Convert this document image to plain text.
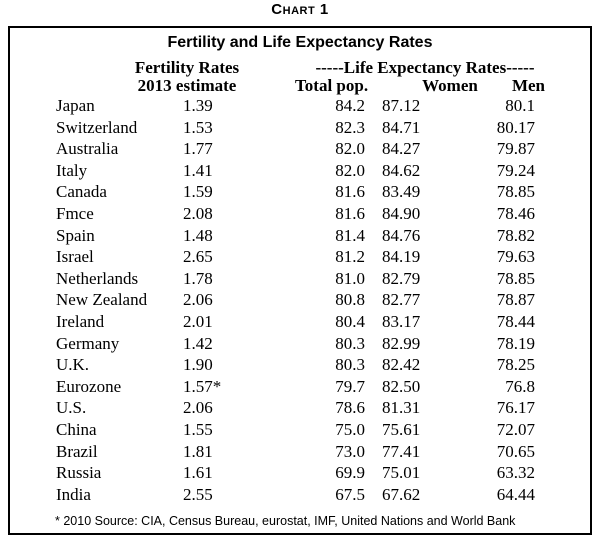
Chart 1
Fertility and Life Expectancy Rates
Fertility Rates
2013 estimate
-----Life Expectancy Rates-----
Total pop.	Women	Men
Japan	1.39	84.2	87.12	80.1
Switzerland	1.53	82.3	84.71	80.17
Australia	1.77	82.0	84.27	79.87
Italy	1.41	82.0	84.62	79.24
Canada	1.59	81.6	83.49	78.85
Fmce	2.08	81.6	84.90	78.46
Spain	1.48	81.4	84.76	78.82
Israel	2.65	81.2	84.19	79.63
Netherlands	1.78	81.0	82.79	78.85
New Zealand	2.06	80.8	82.77	78.87
Ireland	2.01	80.4	83.17	78.44
Germany	1.42	80.3	82.99	78.19
U.K.	1.90	80.3	82.42	78.25
Eurozone	1.57*	79.7	82.50	76.8
U.S.	2.06	78.6	81.31	76.17
China	1.55	75.0	75.61	72.07
Brazil	1.81	73.0	77.41	70.65
Russia	1.61	69.9	75.01	63.32
India	2.55	67.5	67.62	64.44
* 2010 Source: CIA, Census Bureau, eurostat, IMF, United Nations and World Bank
